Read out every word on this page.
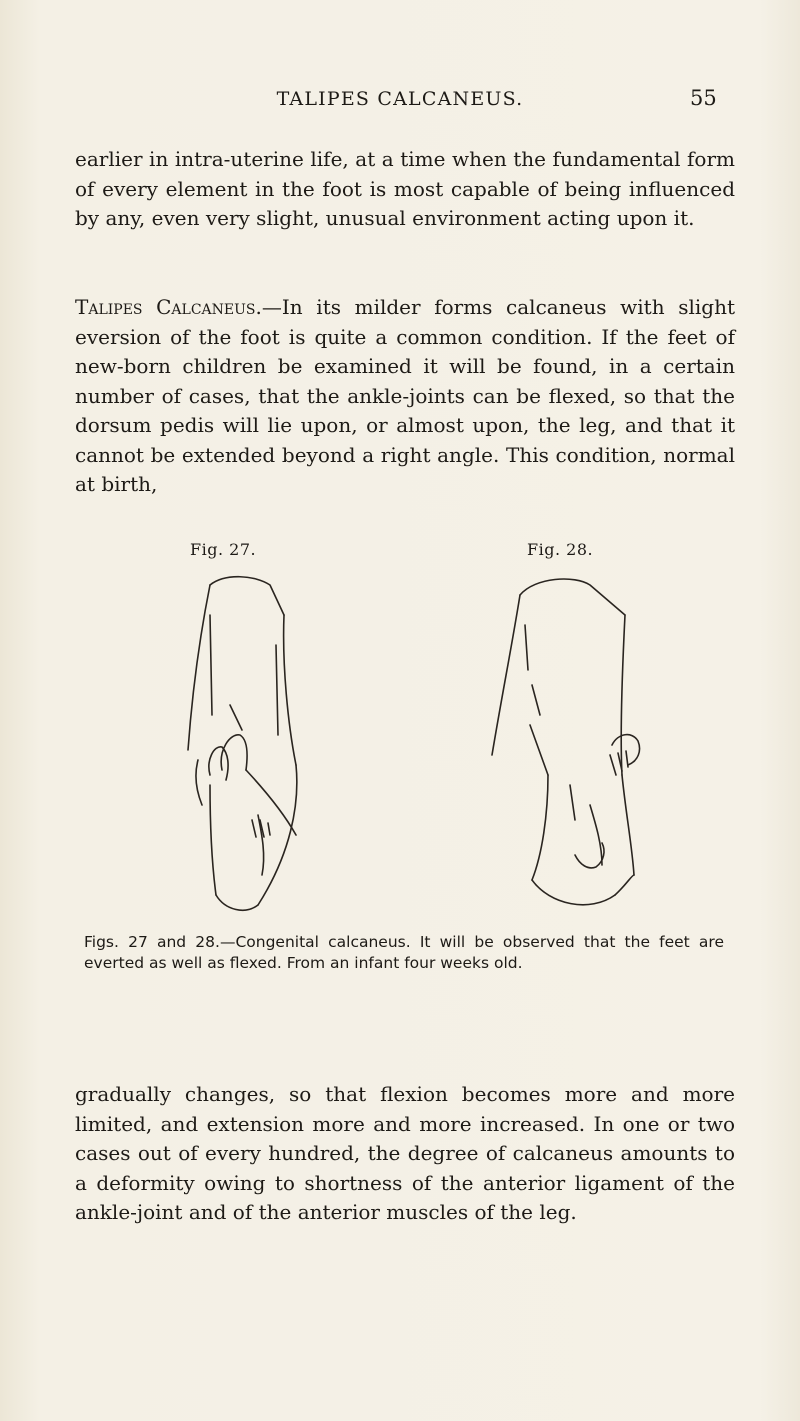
TALIPES CALCANEUS.	55

earlier in intra-uterine life, at a time when the fundamental form of every element in the foot is most capable of being influenced by any, even very slight, unusual environment acting upon it.

Talipes Calcaneus.—In its milder forms calcaneus with slight eversion of the foot is quite a common condition. If the feet of new-born children be examined it will be found, in a certain number of cases, that the ankle-joints can be flexed, so that the dorsum pedis will lie upon, or almost upon, the leg, and that it cannot be extended beyond a right angle. This condition, normal at birth,

Fig. 27.	Fig. 28.
Figs. 27 and 28.—Congenital calcaneus. It will be observed that the feet are everted as well as flexed. From an infant four weeks old.

gradually changes, so that flexion becomes more and more limited, and extension more and more increased. In one or two cases out of every hundred, the degree of calcaneus amounts to a deformity owing to shortness of the anterior ligament of the ankle-joint and of the anterior muscles of the leg.
